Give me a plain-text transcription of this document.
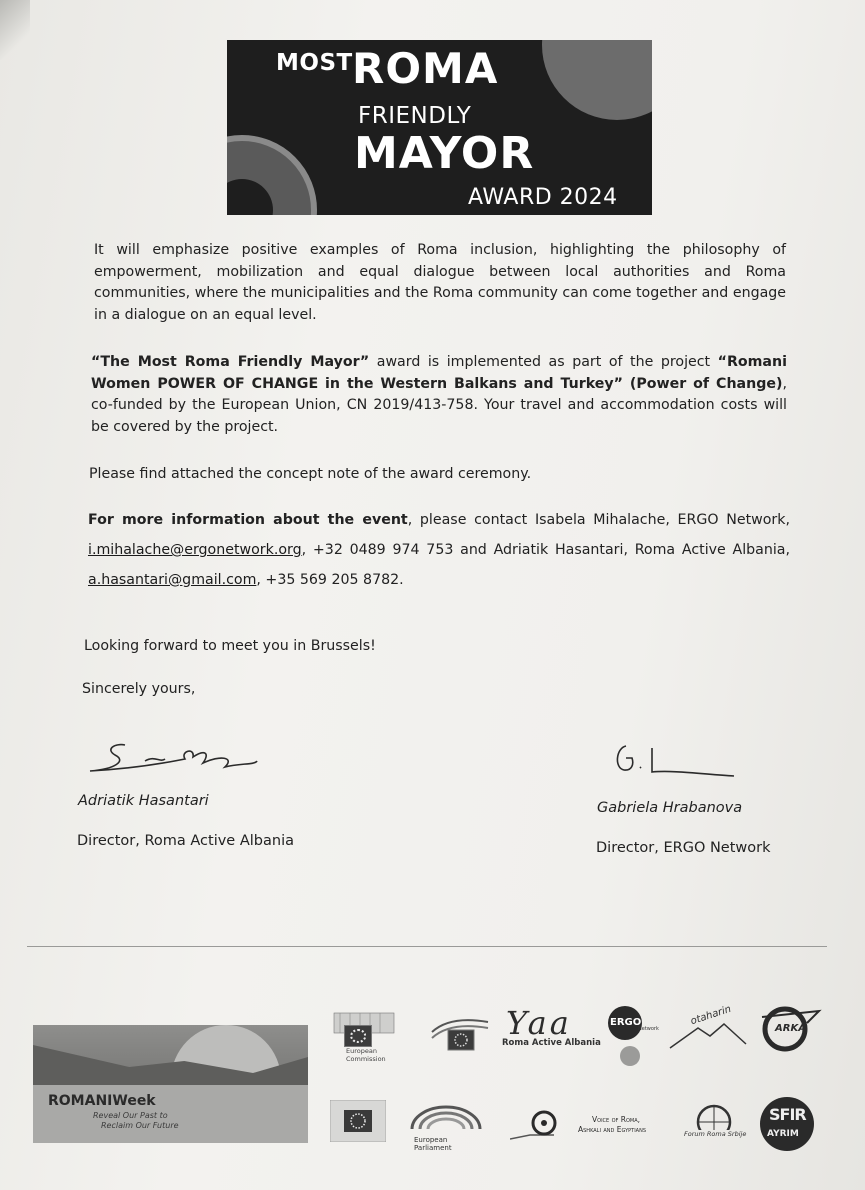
MOST ROMA
FRIENDLY
MAYOR
AWARD 2024
It will emphasize positive examples of Roma inclusion, highlighting the philosophy of empowerment, mobilization and equal dialogue between local authorities and Roma communities, where the municipalities and the Roma community can come together and engage in a dialogue on an equal level.
“The Most Roma Friendly Mayor” award is implemented as part of the project “Romani Women POWER OF CHANGE in the Western Balkans and Turkey” (Power of Change), co-funded by the European Union, CN 2019/413-758. Your travel and accommodation costs will be covered by the project.
Please find attached the concept note of the award ceremony.
For more information about the event, please contact Isabela Mihalache, ERGO Network, i.mihalache@ergonetwork.org, +32 0489 974 753 and Adriatik Hasantari, Roma Active Albania, a.hasantari@gmail.com, +35 569 205 8782.
Looking forward to meet you in Brussels!
Sincerely yours,
Adriatik Hasantari
Director, Roma Active Albania
Gabriela Hrabanova
Director, ERGO Network
ROMANIWeek
Reveal Our Past to
Reclaim Our Future
European Commission
Yaa
Roma Active Albania
ERGO
Network
otaharin
ARKA
European Parliament
Voice of Roma,
Ashkali and Egyptians	Forum Roma Srbije
SFIR
AYRIM
